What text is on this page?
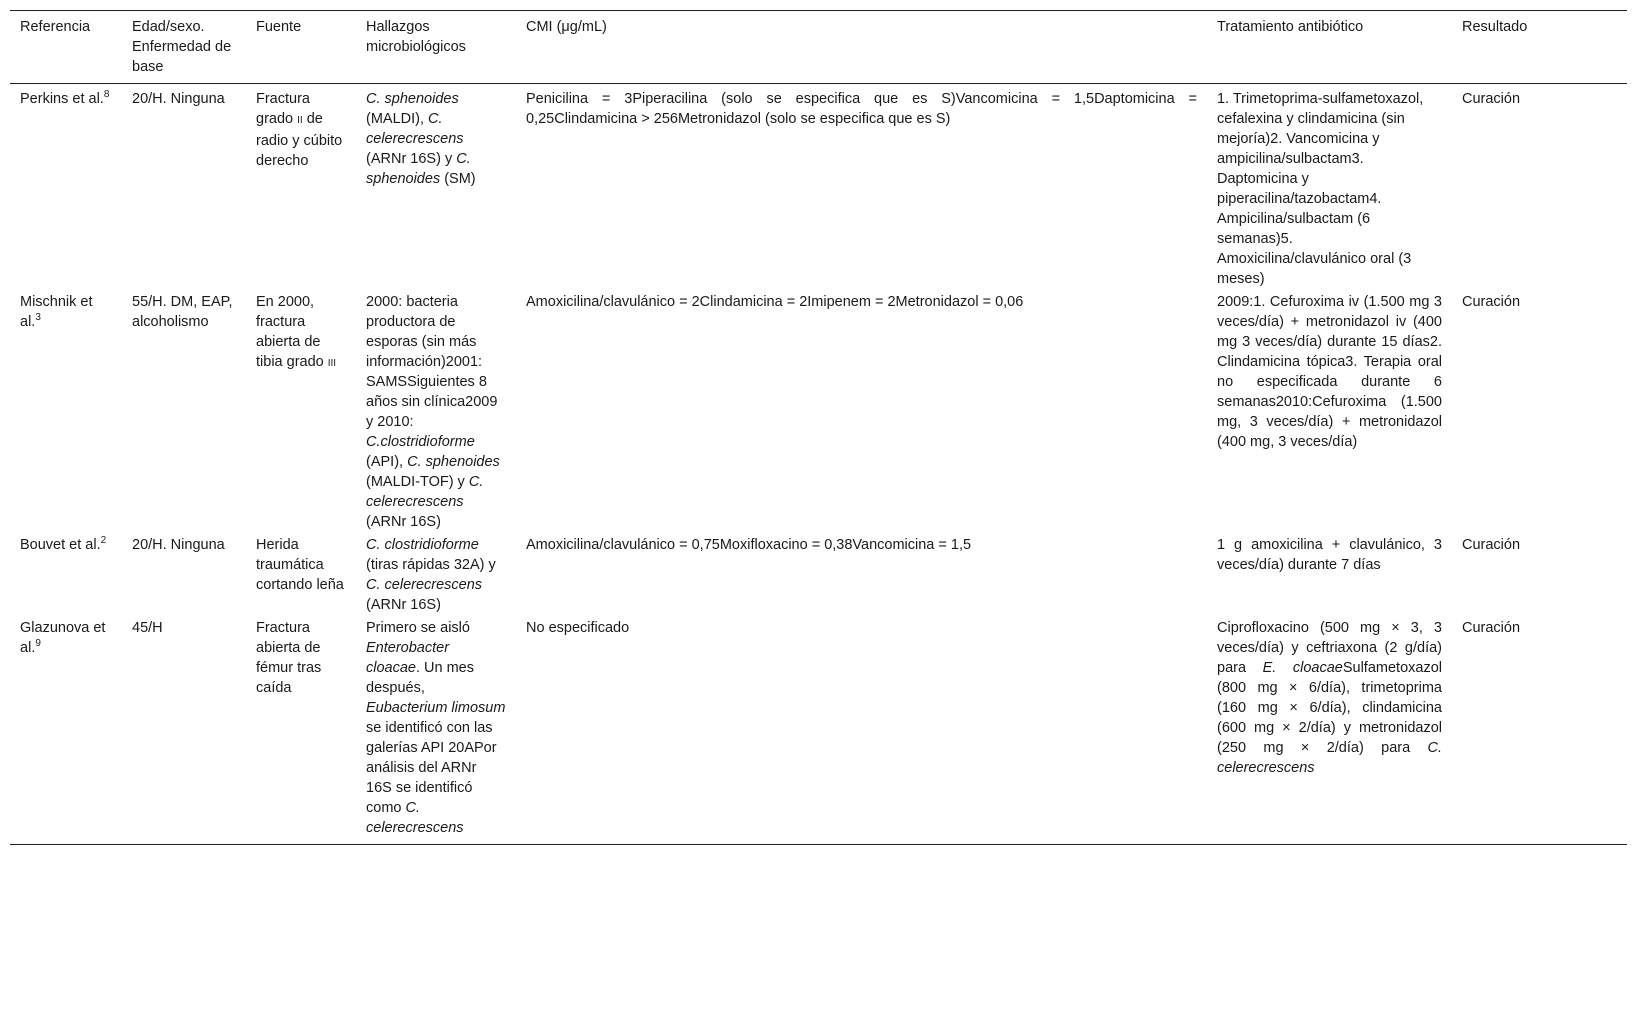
Referencia	Edad/sexo. Enfermedad de base	Fuente	Hallazgos microbiológicos	CMI (μg/mL)	Tratamiento antibiótico	Resultado
Perkins et al.$^8$	20/H. Ninguna	Fractura grado II de radio y cúbito derecho	C. sphenoides (MALDI), C. celerecrescens (ARNr 16S) y C. sphenoides (SM)	Penicilina = 3Piperacilina (solo se especifica que es S)Vancomicina = 1,5Daptomicina = 0,25Clindamicina > 256Metronidazol (solo se especifica que es S)	1. Trimetoprima-sulfametoxazol, cefalexina y clindamicina (sin mejoría)2. Vancomicina y ampicilina/sulbactam3. Daptomicina y piperacilina/tazobactam4. Ampicilina/sulbactam (6 semanas)5. Amoxicilina/clavulánico oral (3 meses)	Curación
Mischnik et al.$^3$	55/H. DM, EAP, alcoholismo	En 2000, fractura abierta de tibia grado III	2000: bacteria productora de esporas (sin más información)2001: SAMSSiguientes 8 años sin clínica2009 y 2010: C.clostridioforme (API), C. sphenoides (MALDI-TOF) y C. celerecrescens (ARNr 16S)	Amoxicilina/clavulánico = 2Clindamicina = 2Imipenem = 2Metronidazol = 0,06	2009:1. Cefuroxima iv (1.500 mg 3 veces/día) + metronidazol iv (400 mg 3 veces/día) durante 15 días2. Clindamicina tópica3. Terapia oral no especificada durante 6 semanas2010:Cefuroxima (1.500 mg, 3 veces/día) + metronidazol (400 mg, 3 veces/día)	Curación
Bouvet et al.$^2$	20/H. Ninguna	Herida traumática cortando leña	C. clostridioforme (tiras rápidas 32A) y C. celerecrescens (ARNr 16S)	Amoxicilina/clavulánico = 0,75Moxifloxacino = 0,38Vancomicina = 1,5	1 g amoxicilina + clavulánico, 3 veces/día) durante 7 días	Curación
Glazunova et al.$^9$	45/H	Fractura abierta de fémur tras caída	Primero se aisló Enterobacter cloacae. Un mes después, Eubacterium limosum se identificó con las galerías API 20APor análisis del ARNr 16S se identificó como C. celerecrescens	No especificado	Ciprofloxacino (500 mg × 3, 3 veces/día) y ceftriaxona (2 g/día) para E. cloacaeSulfametoxazol (800 mg × 6/día), trimetoprima (160 mg × 6/día), clindamicina (600 mg × 2/día) y metronidazol (250 mg × 2/día) para C. celerecrescens	Curación
